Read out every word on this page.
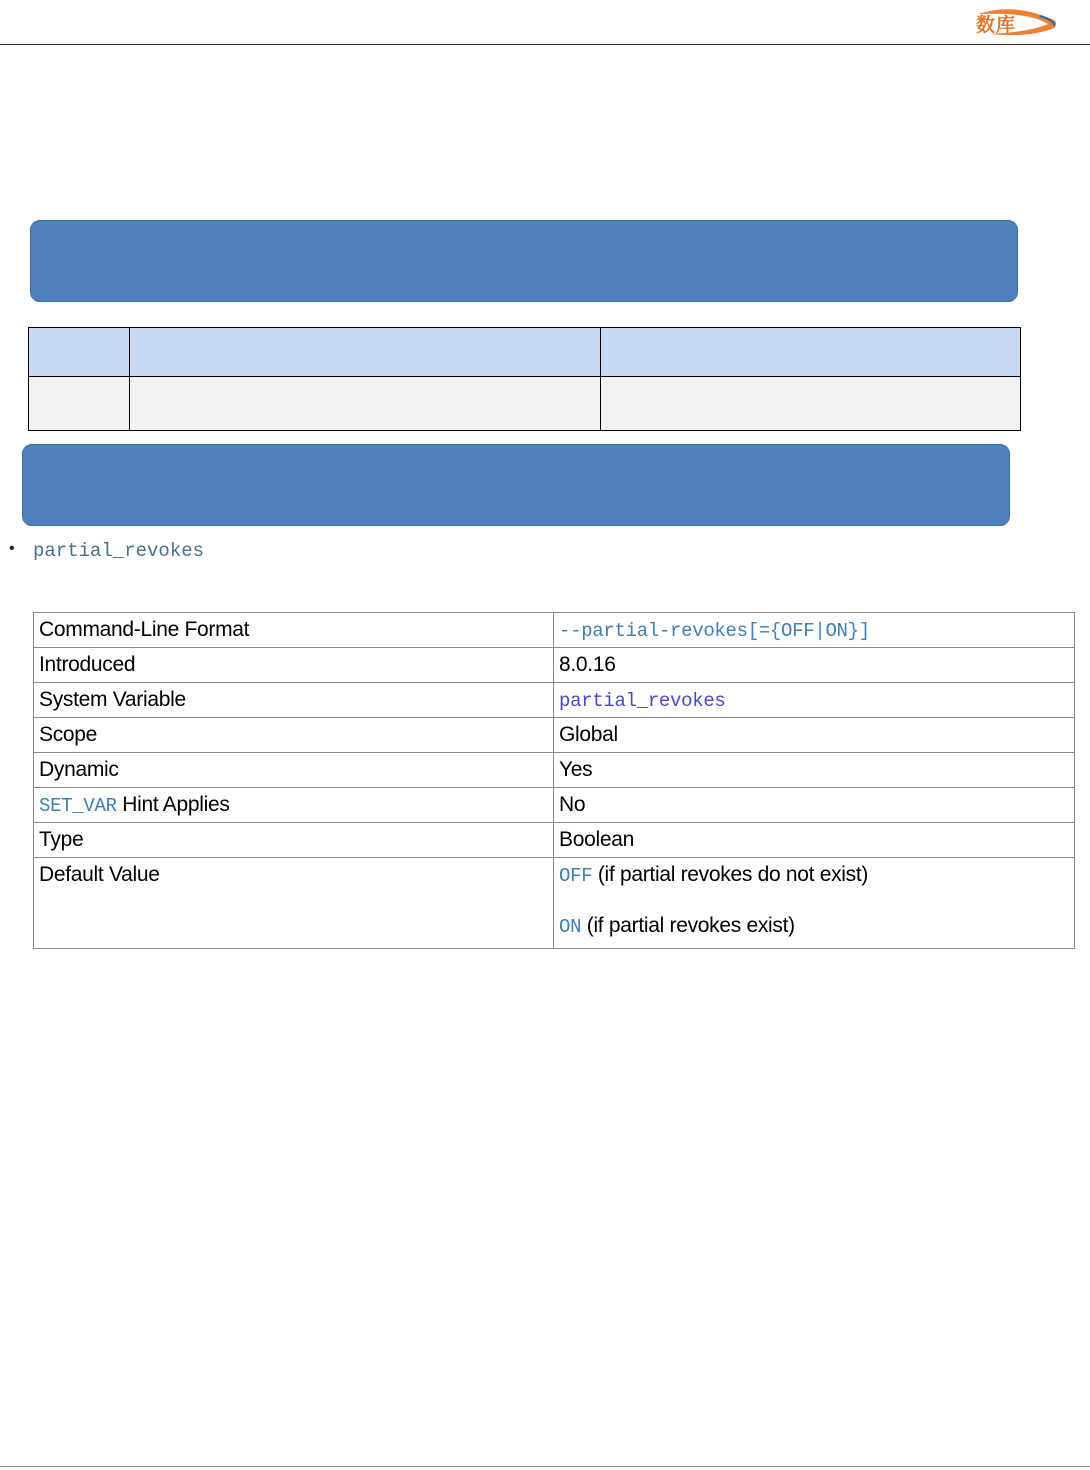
数库

• partial_revokes
Command-Line Format	--partial-revokes[={OFF|ON}]
Introduced	8.0.16
System Variable	partial_revokes
Scope	Global
Dynamic	Yes
SET_VAR Hint Applies	No
Type	Boolean
Default Value	OFF (if partial revokes do not exist)
ON (if partial revokes exist)
